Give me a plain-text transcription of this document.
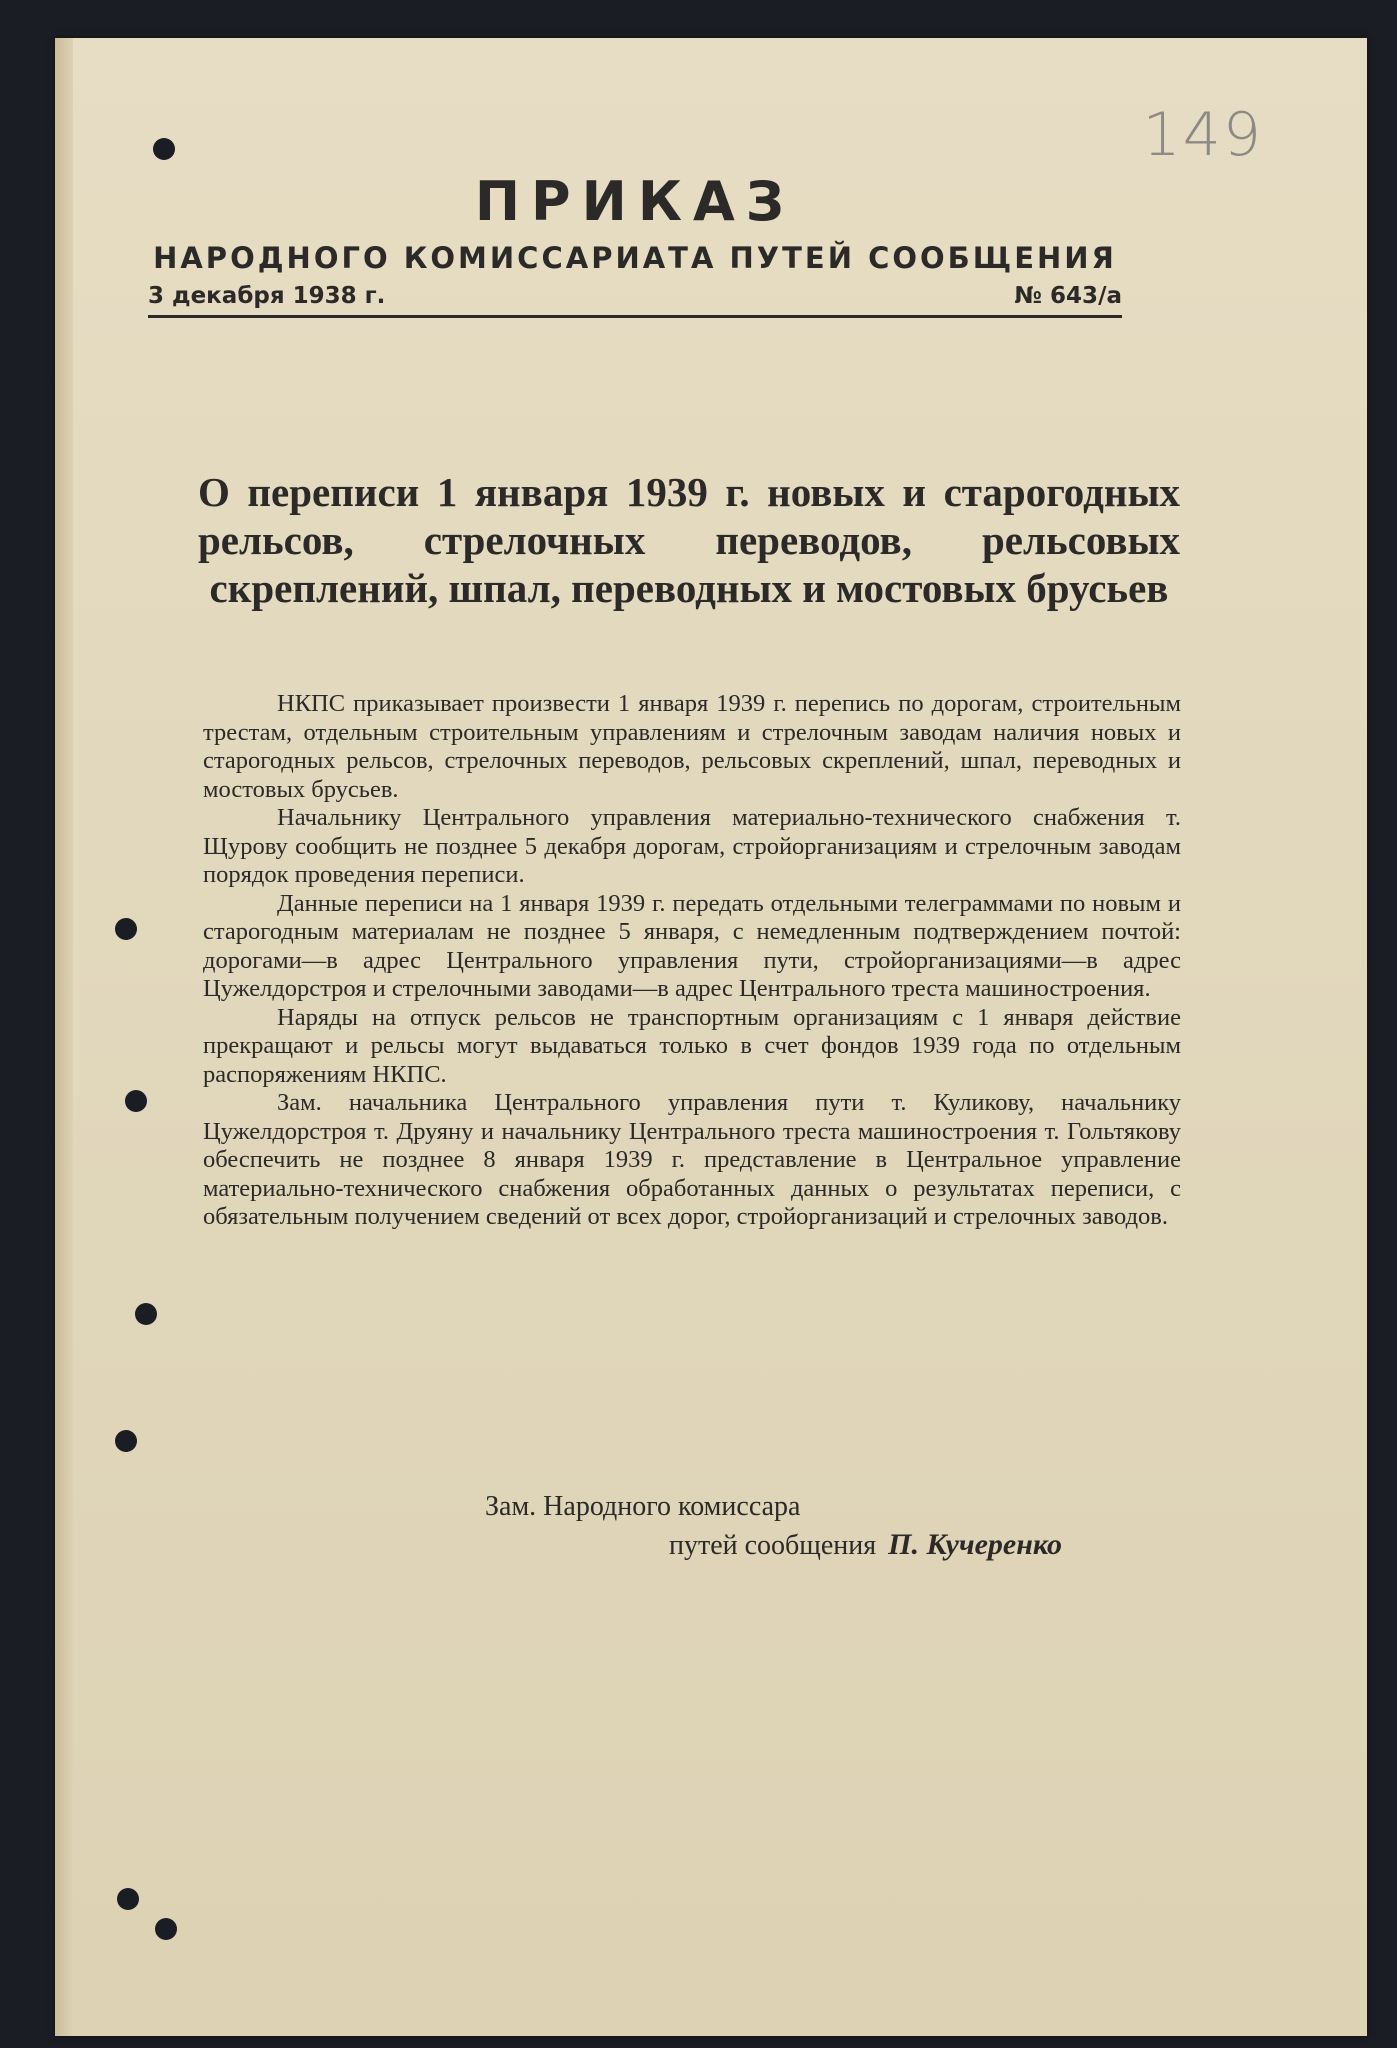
149
ПРИКАЗ
НАРОДНОГО КОМИССАРИАТА ПУТЕЙ СООБЩЕНИЯ
3 декабря 1938 г.	№ 643/а
О переписи 1 января 1939 г. новых и старогодных рельсов, стрелочных переводов, рельсовых скреплений, шпал, переводных и мостовых брусьев

НКПС приказывает произвести 1 января 1939 г. перепись по дорогам, строительным трестам, отдельным строительным управлениям и стрелочным заводам наличия новых и старогодных рельсов, стрелочных переводов, рельсовых скреплений, шпал, переводных и мостовых брусьев.

Начальнику Центрального управления материально-технического снабжения т. Щурову сообщить не позднее 5 декабря дорогам, стройорганизациям и стрелочным заводам порядок проведения переписи.

Данные переписи на 1 января 1939 г. передать отдельными телеграммами по новым и старогодным материалам не позднее 5 января, с немедленным подтверждением почтой: дорогами—в адрес Центрального управления пути, стройорганизациями—в адрес Цужелдорстроя и стрелочными заводами—в адрес Центрального треста машиностроения.

Наряды на отпуск рельсов не транспортным организациям с 1 января действие прекращают и рельсы могут выдаваться только в счет фондов 1939 года по отдельным распоряжениям НКПС.

Зам. начальника Центрального управления пути т. Куликову, начальнику Цужелдорстроя т. Друяну и начальнику Центрального треста машиностроения т. Гольтякову обеспечить не позднее 8 января 1939 г. представление в Центральное управление материально-технического снабжения обработанных данных о результатах переписи, с обязательным получением сведений от всех дорог, стройорганизаций и стрелочных заводов.

Зам. Народного комиссара

путей сообщения П. Кучеренко
